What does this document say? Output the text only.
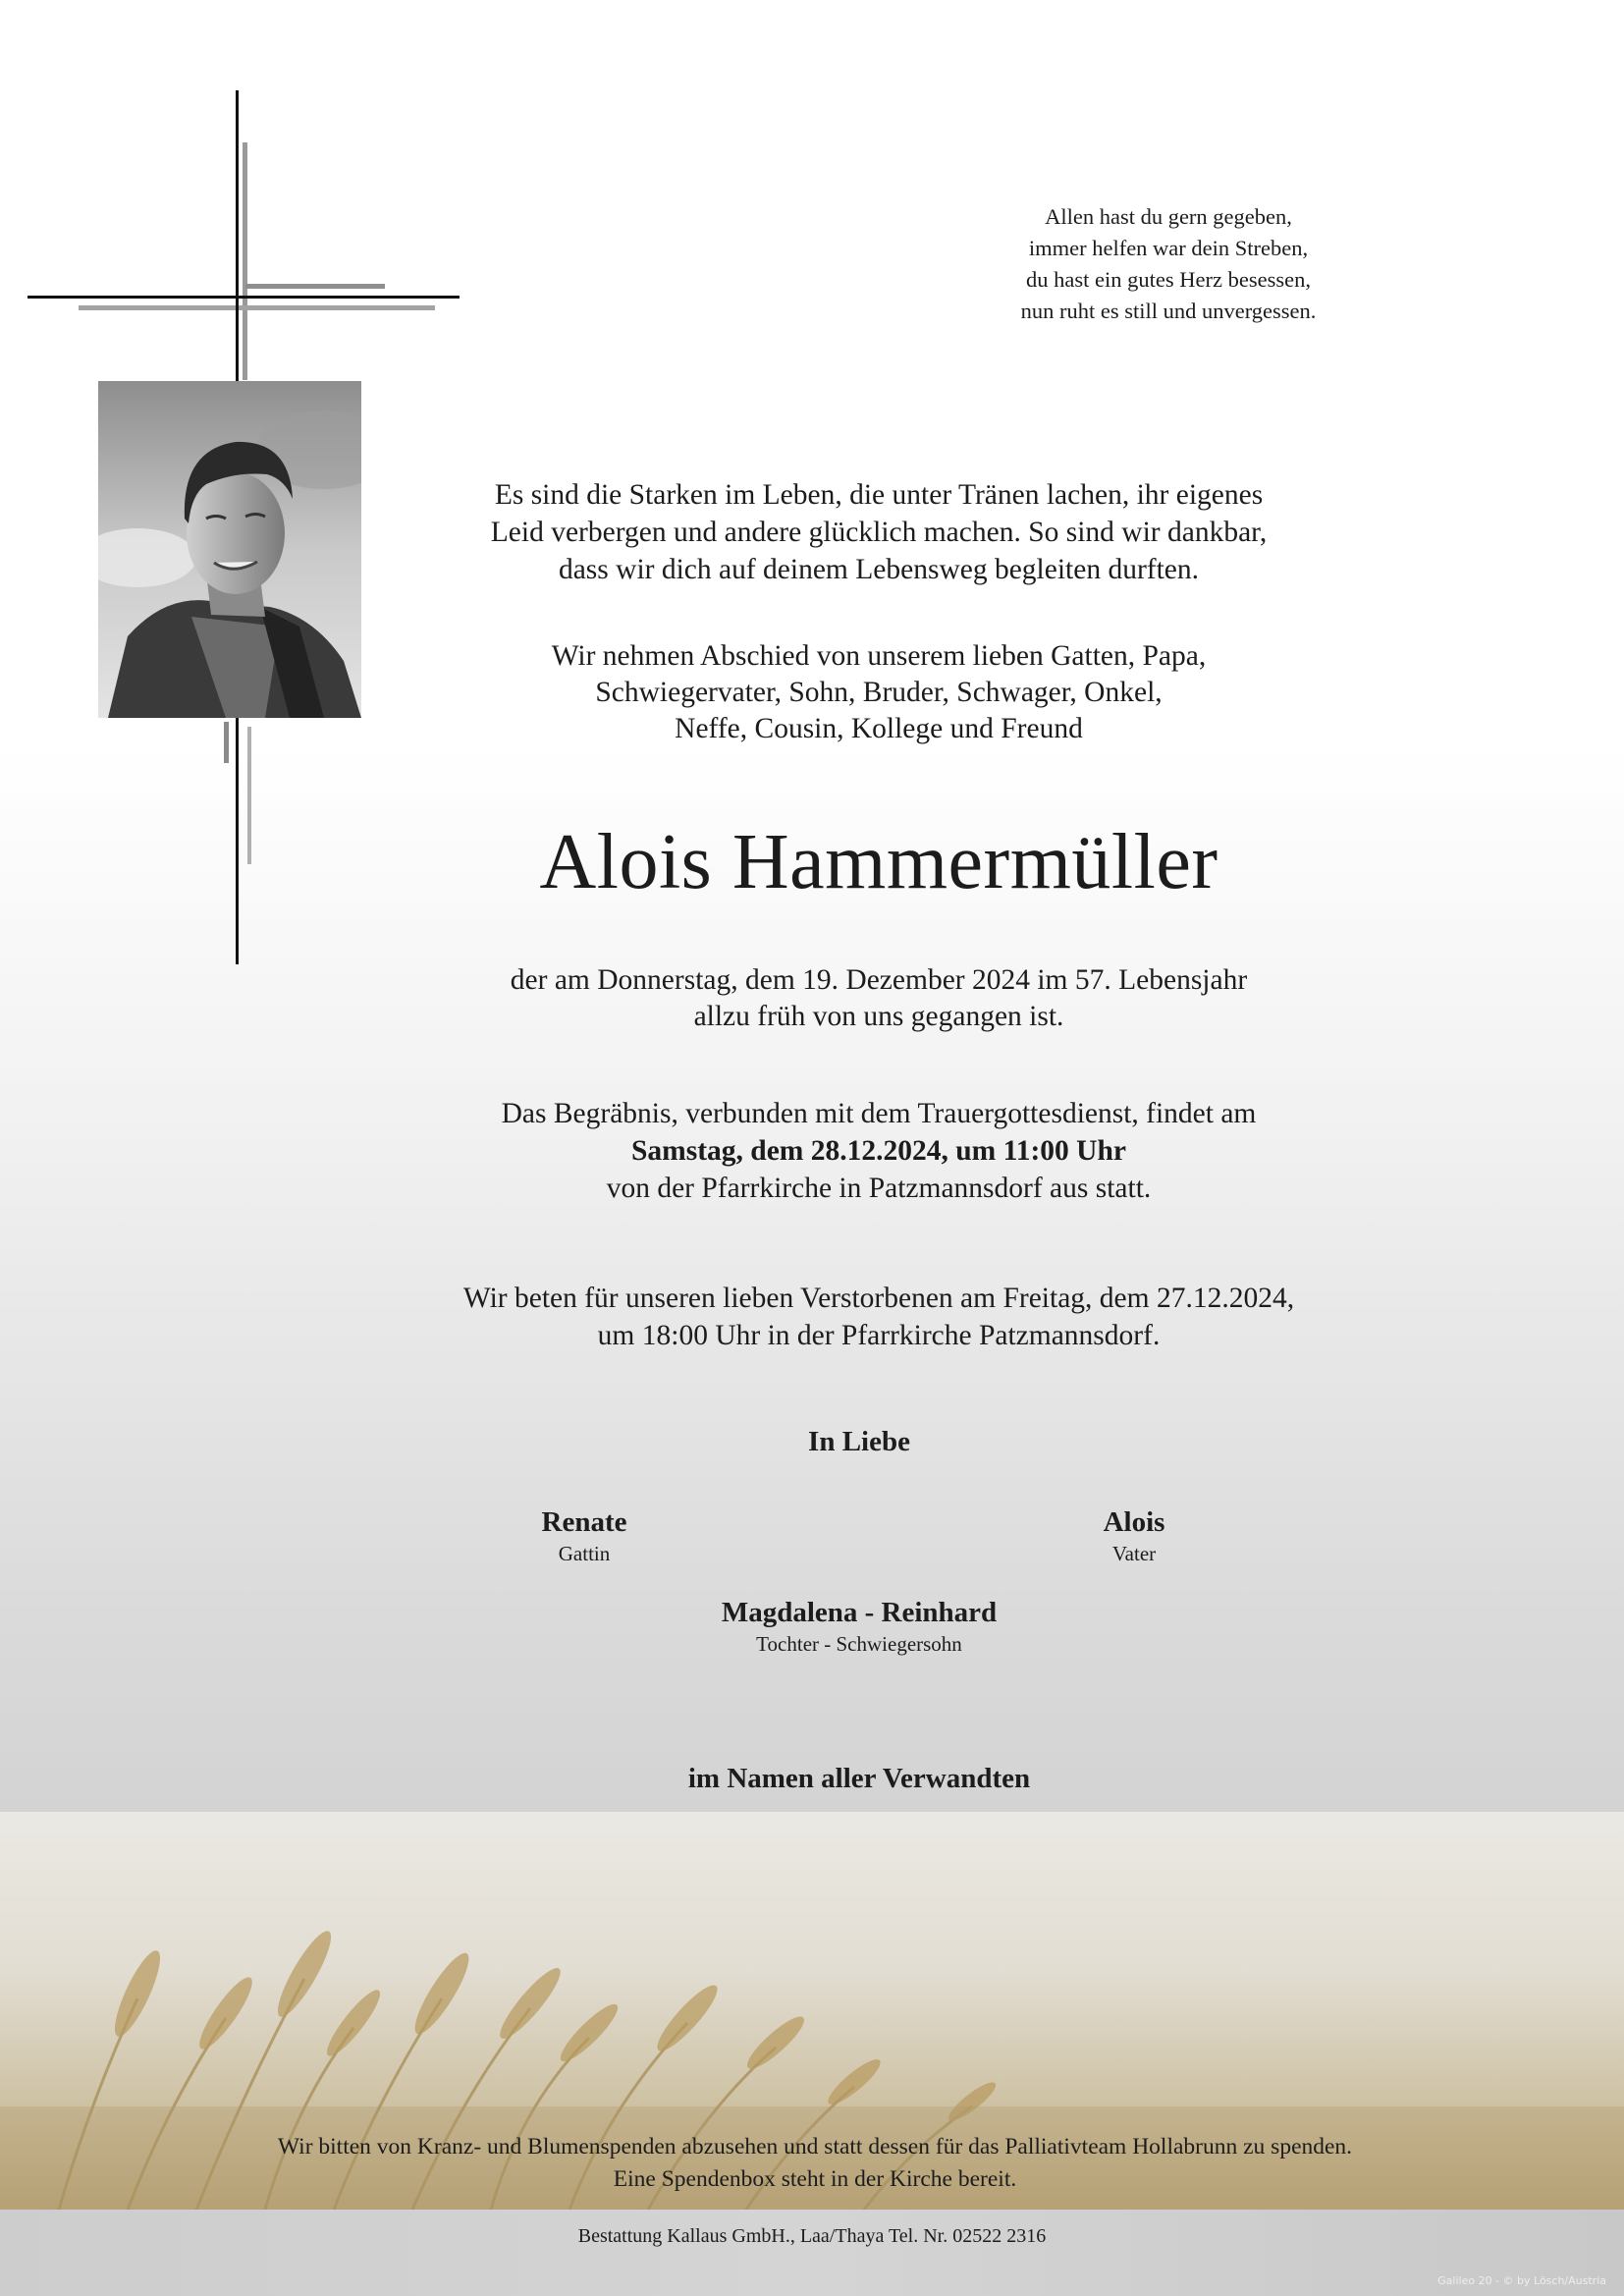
Allen hast du gern gegeben,
immer helfen war dein Streben,
du hast ein gutes Herz besessen,
nun ruht es still und unvergessen.
Es sind die Starken im Leben, die unter Tränen lachen, ihr eigenes
Leid verbergen und andere glücklich machen. So sind wir dankbar,
dass wir dich auf deinem Lebensweg begleiten durften.
Wir nehmen Abschied von unserem lieben Gatten, Papa,
Schwiegervater, Sohn, Bruder, Schwager, Onkel,
Neffe, Cousin, Kollege und Freund
Alois Hammermüller
der am Donnerstag, dem 19. Dezember 2024 im 57. Lebensjahr
allzu früh von uns gegangen ist.
Das Begräbnis, verbunden mit dem Trauergottesdienst, findet am
Samstag, dem 28.12.2024, um 11:00 Uhr
von der Pfarrkirche in Patzmannsdorf aus statt.
Wir beten für unseren lieben Verstorbenen am Freitag, dem 27.12.2024,
um 18:00 Uhr in der Pfarrkirche Patzmannsdorf.
In Liebe
Renate
Gattin
Alois
Vater
Magdalena - Reinhard
Tochter - Schwiegersohn
im Namen aller Verwandten
Wir bitten von Kranz- und Blumenspenden abzusehen und statt dessen für das Palliativteam Hollabrunn zu spenden.
Eine Spendenbox steht in der Kirche bereit.
Bestattung Kallaus GmbH., Laa/Thaya Tel. Nr. 02522 2316
Galileo 20 - © by Lösch/Austria
